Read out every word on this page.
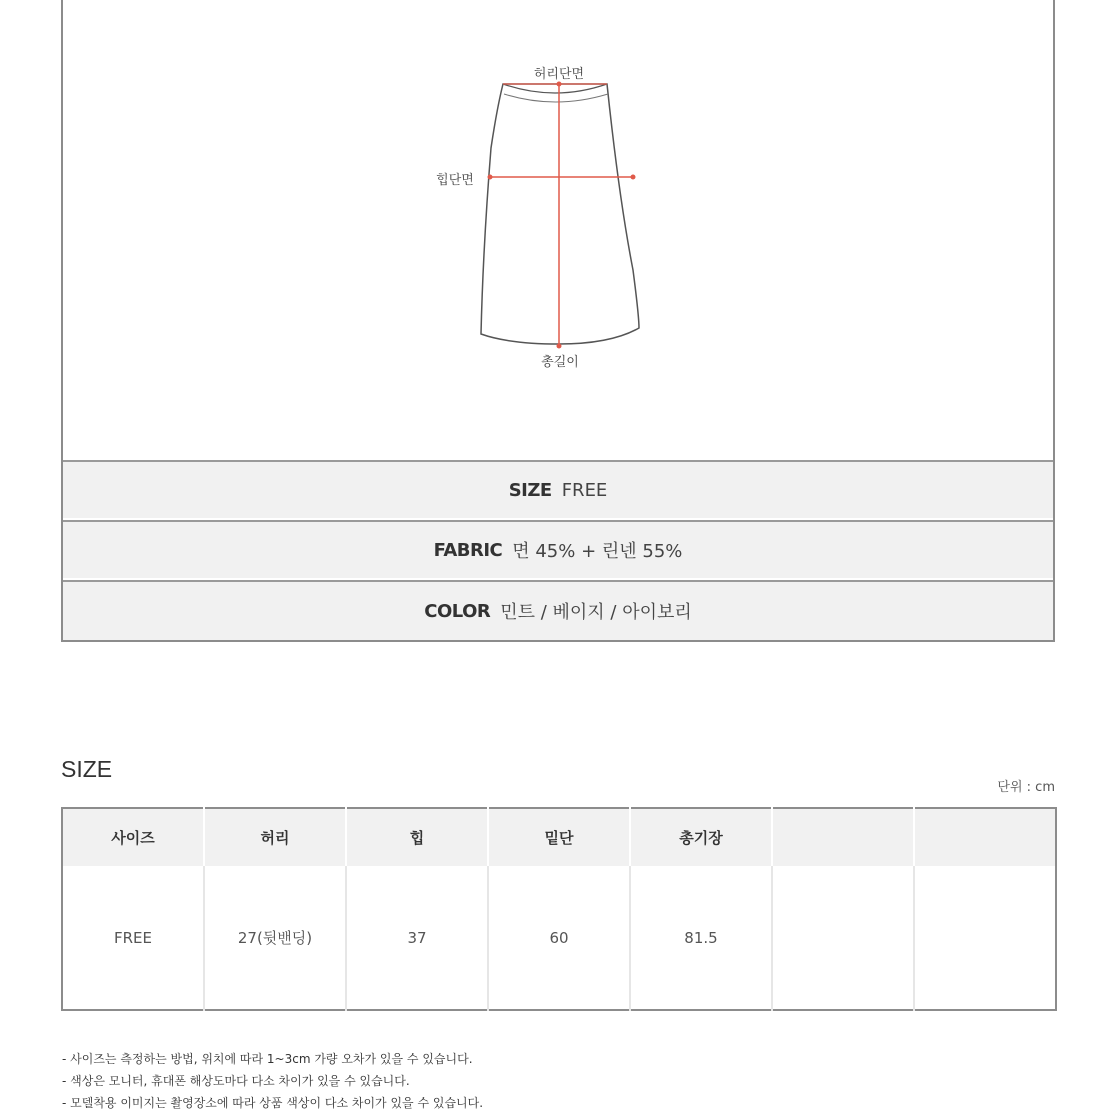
허리단면
힙단면
총길이
SIZE FREE
FABRIC 면 45% + 린넨 55%
COLOR 민트 / 베이지 / 아이보리
SIZE
단위 : cm
사이즈	허리	힙	밑단	총기장		
FREE	27(뒷밴딩)	37	60	81.5		
- 사이즈는 측정하는 방법, 위치에 따라 1~3cm 가량 오차가 있을 수 있습니다.
- 색상은 모니터, 휴대폰 해상도마다 다소 차이가 있을 수 있습니다.
- 모델착용 이미지는 촬영장소에 따라 상품 색상이 다소 차이가 있을 수 있습니다.
